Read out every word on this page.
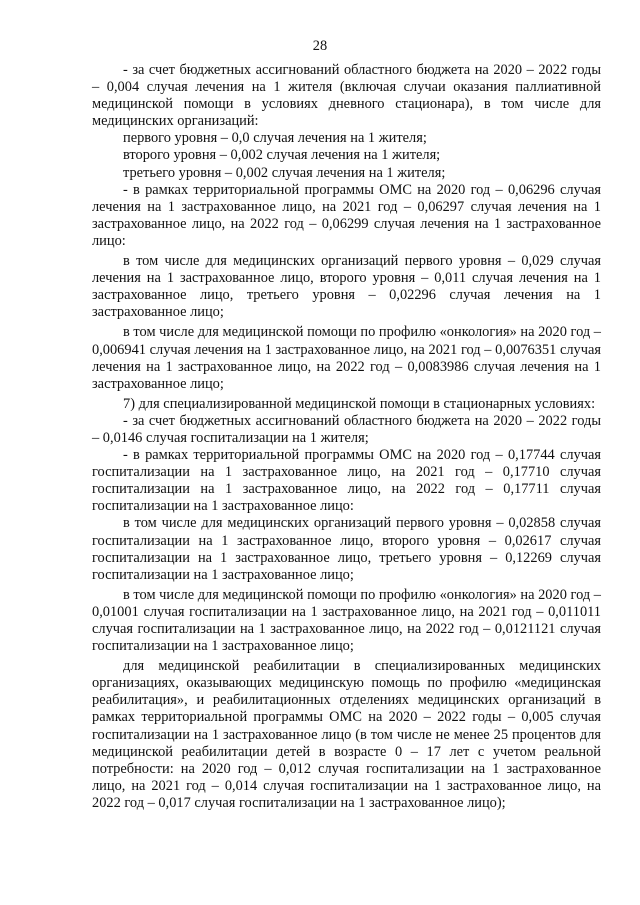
28

- за счет бюджетных ассигнований областного бюджета на 2020 – 2022 годы – 0,004 случая лечения на 1 жителя (включая случаи оказания паллиативной медицинской помощи в условиях дневного стационара), в том числе для медицинских организаций:

первого уровня – 0,0 случая лечения на 1 жителя;

второго уровня – 0,002 случая лечения на 1 жителя;

третьего уровня – 0,002 случая лечения на 1 жителя;

- в рамках территориальной программы ОМС на 2020 год – 0,06296 случая лечения на 1 застрахованное лицо, на 2021 год – 0,06297 случая лечения на 1 застрахованное лицо, на 2022 год – 0,06299 случая лечения на 1 застрахованное лицо:

в том числе для медицинских организаций первого уровня – 0,029 случая лечения на 1 застрахованное лицо, второго уровня – 0,011 случая лечения на 1 застрахованное лицо, третьего уровня – 0,02296 случая лечения на 1 застрахованное лицо;

в том числе для медицинской помощи по профилю «онкология» на 2020 год – 0,006941 случая лечения на 1 застрахованное лицо, на 2021 год – 0,0076351 случая лечения на 1 застрахованное лицо, на 2022 год – 0,0083986 случая лечения на 1 застрахованное лицо;

7) для специализированной медицинской помощи в стационарных условиях:

- за счет бюджетных ассигнований областного бюджета на 2020 – 2022 годы – 0,0146 случая госпитализации на 1 жителя;

- в рамках территориальной программы ОМС на 2020 год – 0,17744 случая госпитализации на 1 застрахованное лицо, на 2021 год – 0,17710 случая госпитализации на 1 застрахованное лицо, на 2022 год – 0,17711 случая госпитализации на 1 застрахованное лицо:

в том числе для медицинских организаций первого уровня – 0,02858 случая госпитализации на 1 застрахованное лицо, второго уровня – 0,02617 случая госпитализации на 1 застрахованное лицо, третьего уровня – 0,12269 случая госпитализации на 1 застрахованное лицо;

в том числе для медицинской помощи по профилю «онкология» на 2020 год – 0,01001 случая госпитализации на 1 застрахованное лицо, на 2021 год – 0,011011 случая госпитализации на 1 застрахованное лицо, на 2022 год – 0,0121121 случая госпитализации на 1 застрахованное лицо;

для медицинской реабилитации в специализированных медицинских организациях, оказывающих медицинскую помощь по профилю «медицинская реабилитация», и реабилитационных отделениях медицинских организаций в рамках территориальной программы ОМС на 2020 – 2022 годы – 0,005 случая госпитализации на 1 застрахованное лицо (в том числе не менее 25 процентов для медицинской реабилитации детей в возрасте 0 – 17 лет с учетом реальной потребности: на 2020 год – 0,012 случая госпитализации на 1 застрахованное лицо, на 2021 год – 0,014 случая госпитализации на 1 застрахованное лицо, на 2022 год – 0,017 случая госпитализации на 1 застрахованное лицо);
